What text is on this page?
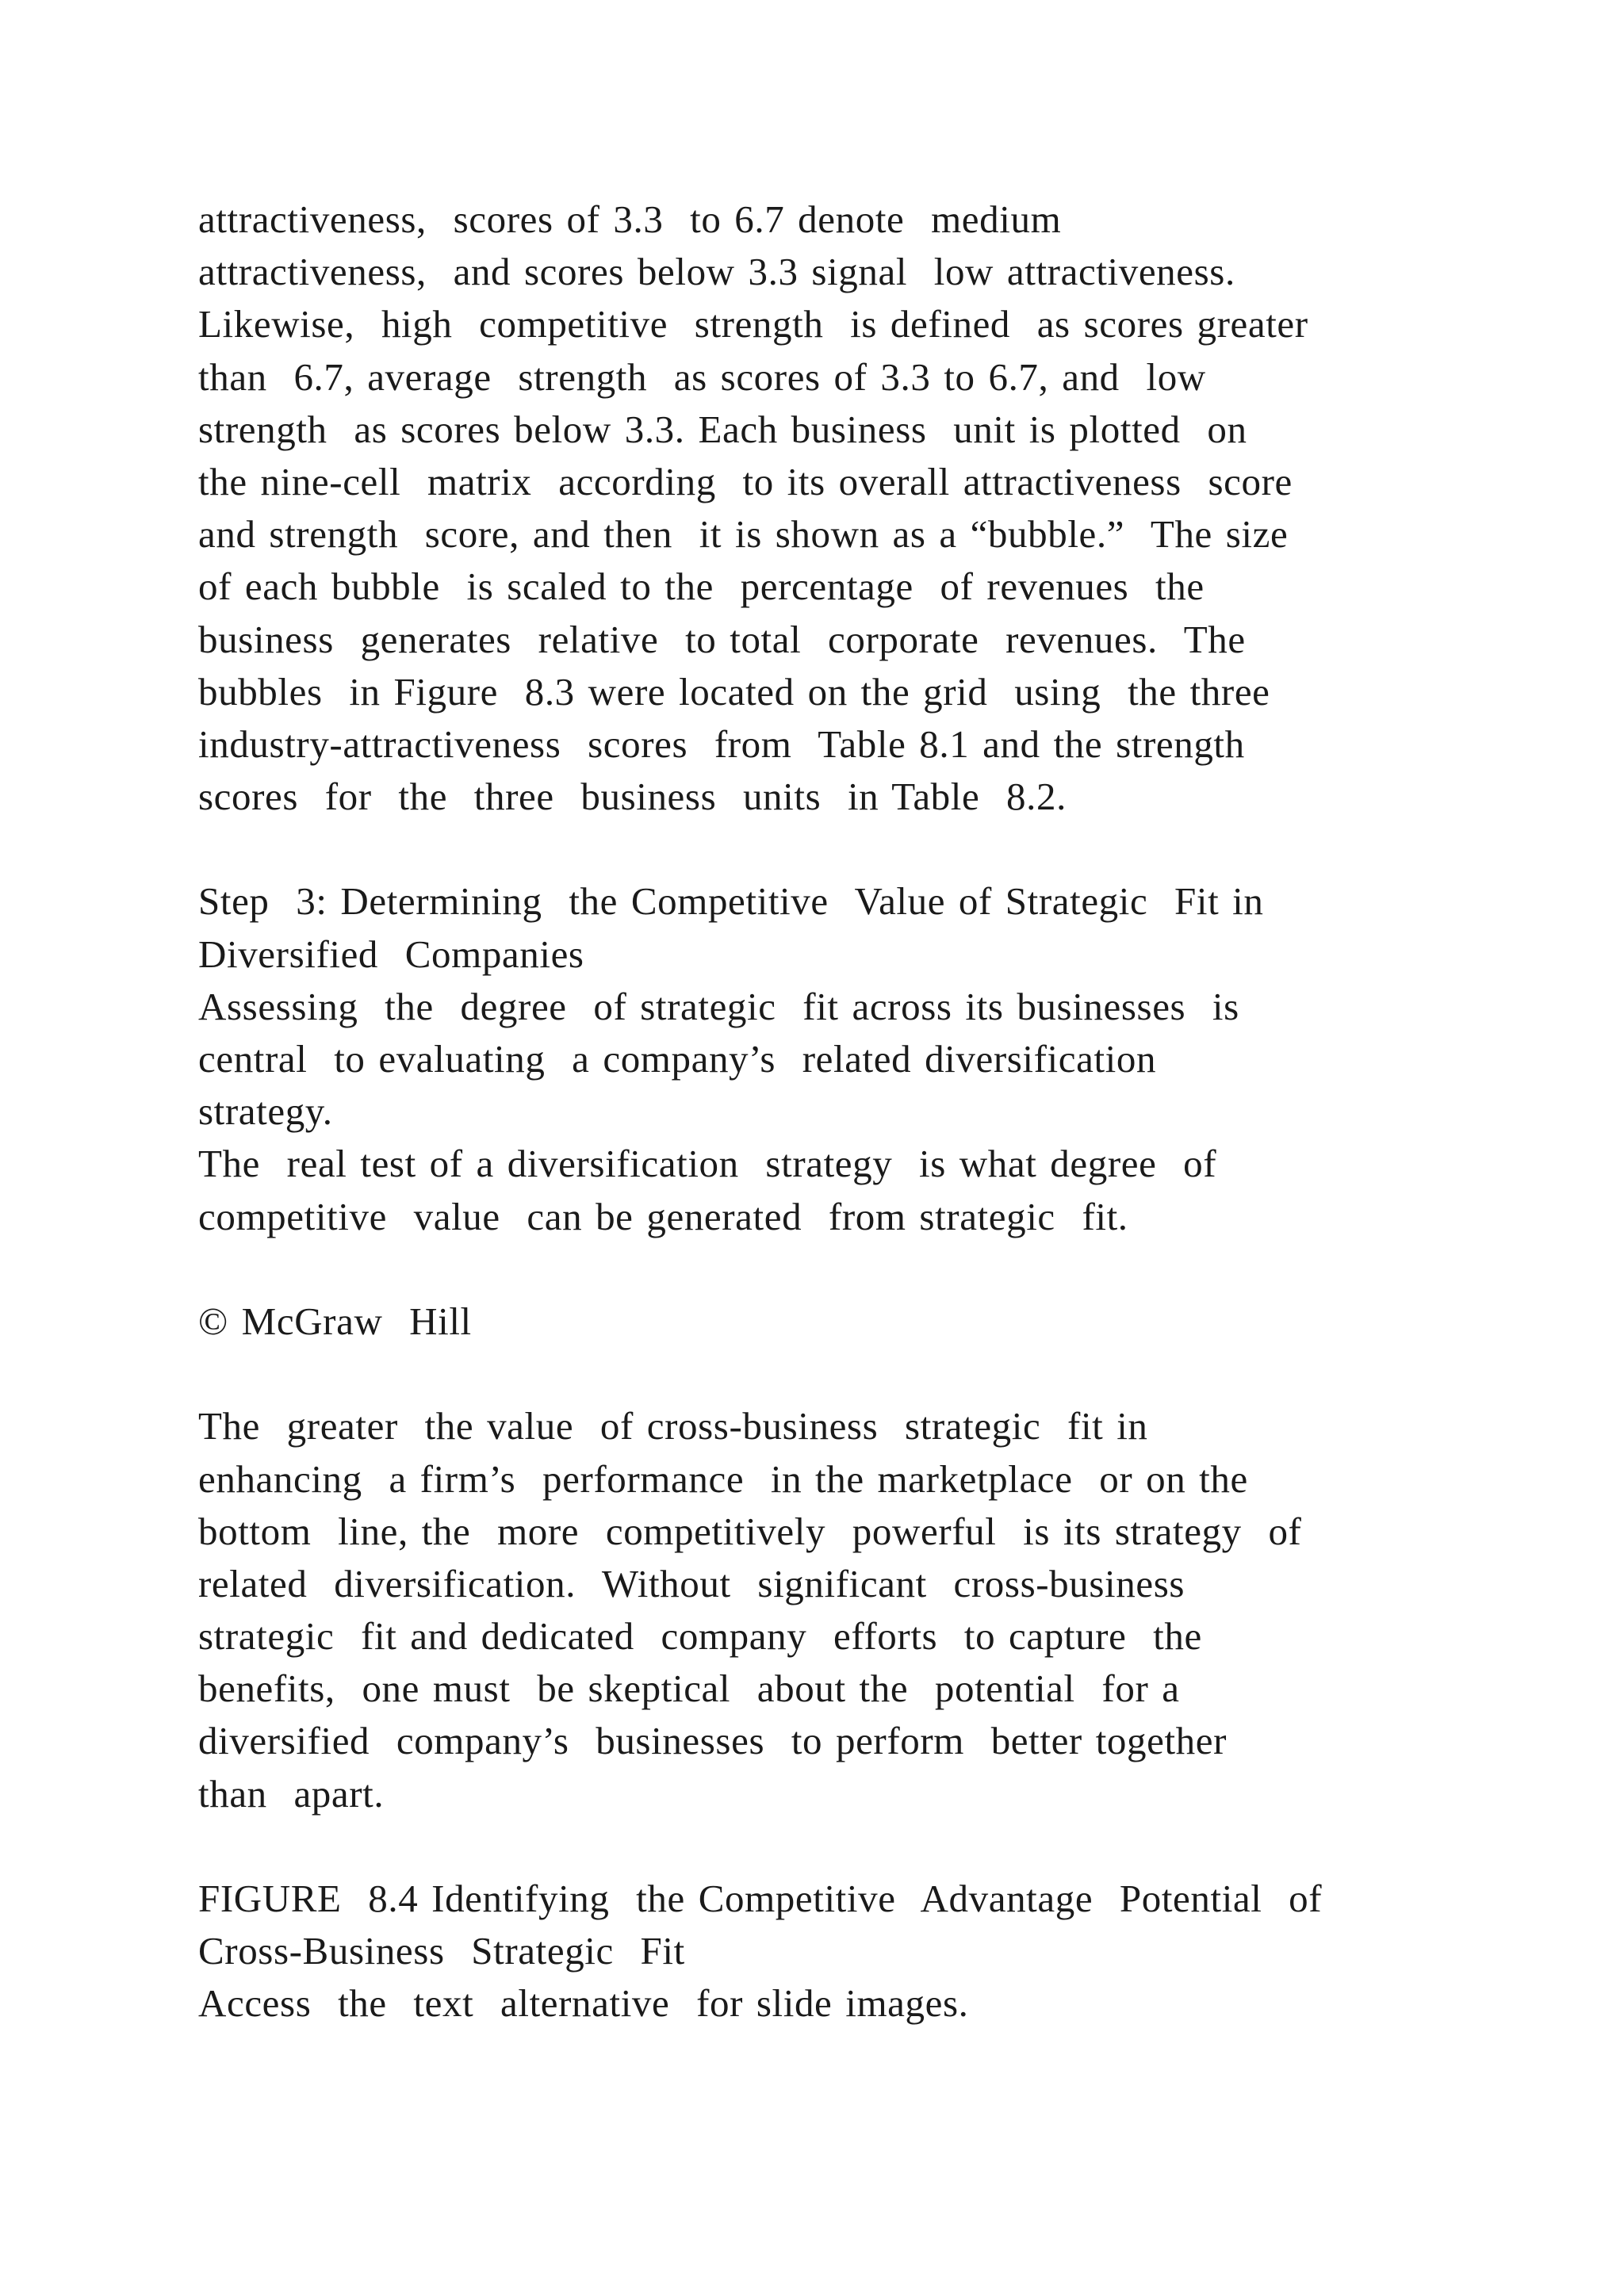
attractiveness,  scores of 3.3  to 6.7 denote  medium
attractiveness,  and scores below 3.3 signal  low attractiveness.
Likewise,  high  competitive  strength  is defined  as scores greater
than  6.7, average  strength  as scores of 3.3 to 6.7, and  low
strength  as scores below 3.3. Each business  unit is plotted  on
the nine-cell  matrix  according  to its overall attractiveness  score
and strength  score, and then  it is shown as a “bubble.”  The size
of each bubble  is scaled to the  percentage  of revenues  the
business  generates  relative  to total  corporate  revenues.  The
bubbles  in Figure  8.3 were located on the grid  using  the three
industry-attractiveness  scores  from  Table 8.1 and the strength
scores  for  the  three  business  units  in Table  8.2.
Step  3: Determining  the Competitive  Value of Strategic  Fit in
Diversified  Companies
Assessing  the  degree  of strategic  fit across its businesses  is
central  to evaluating  a company’s  related diversification
strategy.
The  real test of a diversification  strategy  is what degree  of
competitive  value  can be generated  from strategic  fit.
© McGraw  Hill
The  greater  the value  of cross-business  strategic  fit in
enhancing  a firm’s  performance  in the marketplace  or on the
bottom  line, the  more  competitively  powerful  is its strategy  of
related  diversification.  Without  significant  cross-business
strategic  fit and dedicated  company  efforts  to capture  the
benefits,  one must  be skeptical  about the  potential  for a
diversified  company’s  businesses  to perform  better together
than  apart.
FIGURE  8.4 Identifying  the Competitive  Advantage  Potential  of
Cross-Business  Strategic  Fit
Access  the  text  alternative  for slide images.
